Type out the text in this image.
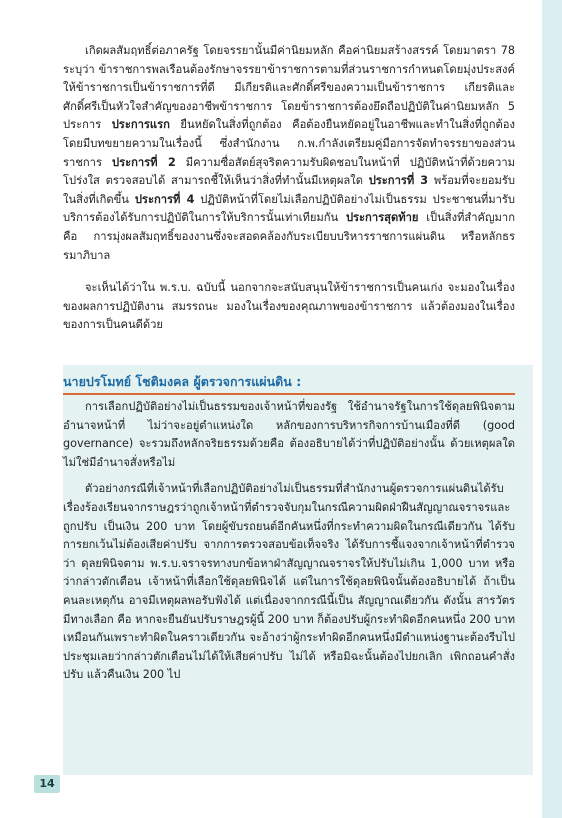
เกิดผลสัมฤทธิ์ต่อภาครัฐ โดยจรรยานั้นมีค่านิยมหลัก คือค่านิยมสร้างสรรค์ โดยมาตรา 78 ระบุว่า ข้าราชการพลเรือนต้องรักษาจรรยาข้าราชการตามที่ส่วนราชการกำหนดโดยมุ่งประสงค์ให้ข้าราชการเป็นข้าราชการที่ดี มีเกียรติและศักดิ์ศรีของความเป็นข้าราชการ เกียรติและศักดิ์ศรีเป็นหัวใจสำคัญของอาชีพข้าราชการ โดยข้าราชการต้องยึดถือปฏิบัติในค่านิยมหลัก 5 ประการ ประการแรก ยืนหยัดในสิ่งที่ถูกต้อง คือต้องยืนหยัดอยู่ในอาชีพและทำในสิ่งที่ถูกต้อง โดยมีบทขยายความในเรื่องนี้ ซึ่งสำนักงาน ก.พ.กำลังเตรียมคู่มือการจัดทำจรรยาของส่วนราชการ ประการที่ 2 มีความซื่อสัตย์สุจริตความรับผิดชอบในหน้าที่ ปฏิบัติหน้าที่ด้วยความโปร่งใส ตรวจสอบได้ สามารถชี้ให้เห็นว่าสิ่งที่ทำนั้นมีเหตุผลใด ประการที่ 3 พร้อมที่จะยอมรับในสิ่งที่เกิดขึ้น ประการที่ 4 ปฏิบัติหน้าที่โดยไม่เลือกปฏิบัติอย่างไม่เป็นธรรม ประชาชนที่มารับบริการต้องได้รับการปฏิบัติในการให้บริการนั้นเท่าเทียมกัน ประการสุดท้าย เป็นสิ่งที่สำคัญมาก คือ การมุ่งผลสัมฤทธิ์ของงานซึ่งจะสอดคล้องกับระเบียบบริหารราชการแผ่นดิน หรือหลักธรรมาภิบาล

จะเห็นได้ว่าใน พ.ร.บ. ฉบับนี้ นอกจากจะสนับสนุนให้ข้าราชการเป็นคนเก่ง จะมองในเรื่องของผลการปฏิบัติงาน สมรรถนะ มองในเรื่องของคุณภาพของข้าราชการ แล้วต้องมองในเรื่องของการเป็นคนดีด้วย

นายปรโมทย์ โชติมงคล ผู้ตรวจการแผ่นดิน :

การเลือกปฏิบัติอย่างไม่เป็นธรรมของเจ้าหน้าที่ของรัฐ ใช้อำนาจรัฐในการใช้ดุลยพินิจตามอำนาจหน้าที่ ไม่ว่าจะอยู่ตำแหน่งใด หลักของการบริหารกิจการบ้านเมืองที่ดี (good governance) จะรวมถึงหลักจริยธรรมด้วยคือ ต้องอธิบายได้ว่าที่ปฏิบัติอย่างนั้น ด้วยเหตุผลใด ไม่ใช่มีอำนาจสั่งหรือไม่

ตัวอย่างกรณีที่เจ้าหน้าที่เลือกปฏิบัติอย่างไม่เป็นธรรมที่สำนักงานผู้ตรวจการแผ่นดินได้รับเรื่องร้องเรียนจากราษฎรว่าถูกเจ้าหน้าที่ตำรวจจับกุมในกรณีความผิดฝ่าฝืนสัญญาณจราจรและถูกปรับ เป็นเงิน 200 บาท โดยผู้ขับรถยนต์อีกคันหนึ่งที่กระทำความผิดในกรณีเดียวกัน ได้รับการยกเว้นไม่ต้องเสียค่าปรับ จากการตรวจสอบข้อเท็จจริง ได้รับการชี้แจงจากเจ้าหน้าที่ตำรวจว่า ดุลยพินิจตาม พ.ร.บ.จราจรทางบกข้อหาฝ่าสัญญาณจราจรให้ปรับไม่เกิน 1,000 บาท หรือว่ากล่าวตักเตือน เจ้าหน้าที่เลือกใช้ดุลยพินิจได้ แต่ในการใช้ดุลยพินิจนั้นต้องอธิบายได้ ถ้าเป็นคนละเหตุกัน อาจมีเหตุผลพอรับฟังได้ แต่เนื่องจากกรณีนี้เป็น สัญญาณเดียวกัน ดังนั้น สารวัตรมีทางเลือก คือ หากจะยืนยันปรับราษฎรผู้นี้ 200 บาท ก็ต้องปรับผู้กระทำผิดอีกคนหนึ่ง 200 บาท เหมือนกันเพราะทำผิดในคราวเดียวกัน จะอ้างว่าผู้กระทำผิดอีกคนหนึ่งมีตำแหน่งฐานะต้องรีบไปประชุมเลยว่ากล่าวตักเตือนไม่ได้ให้เสียค่าปรับ ไม่ได้ หรือมิฉะนั้นต้องไปยกเลิก เพิกถอนคำสั่งปรับ แล้วคืนเงิน 200 ไป

14
